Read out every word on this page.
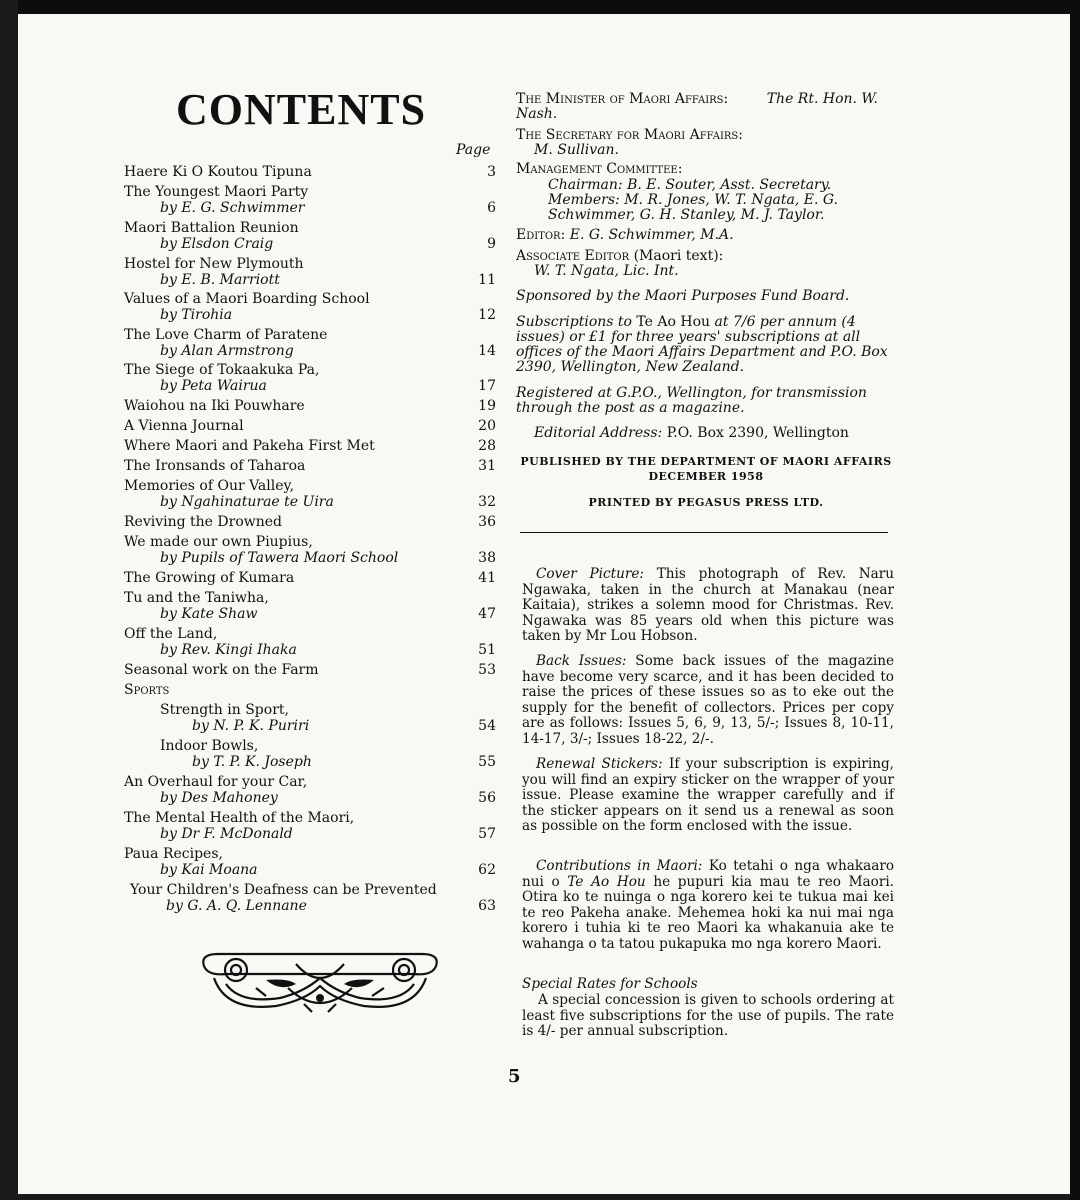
CONTENTS
Page
Haere Ki O Koutou Tipuna	3
The Youngest Maori Party
by E. G. Schwimmer	6
Maori Battalion Reunion
by Elsdon Craig	9
Hostel for New Plymouth
by E. B. Marriott	11
Values of a Maori Boarding School
by Tirohia	12
The Love Charm of Paratene
by Alan Armstrong	14
The Siege of Tokaakuka Pa,
by Peta Wairua	17
Waiohou na Iki Pouwhare	19
A Vienna Journal	20
Where Maori and Pakeha First Met	28
The Ironsands of Taharoa	31
Memories of Our Valley,
by Ngahinaturae te Uira	32
Reviving the Drowned	36
We made our own Piupius,
by Pupils of Tawera Maori School	38
The Growing of Kumara	41
Tu and the Taniwha,
by Kate Shaw	47
Off the Land,
by Rev. Kingi Ihaka	51
Seasonal work on the Farm	53
Sports
Strength in Sport,
by N. P. K. Puriri	54
Indoor Bowls,
by T. P. K. Joseph	55
An Overhaul for your Car,
by Des Mahoney	56
The Mental Health of the Maori,
by Dr F. McDonald	57
Paua Recipes,
by Kai Moana	62
Your Children's Deafness can be Prevented
by G. A. Q. Lennane	63
The Minister of Maori Affairs:	The Rt. Hon. W. Nash.
The Secretary for Maori Affairs:
M. Sullivan.
Management Committee:
Chairman: B. E. Souter, Asst. Secretary.
Members: M. R. Jones, W. T. Ngata, E. G. Schwimmer, G. H. Stanley, M. J. Taylor.
Editor: E. G. Schwimmer, M.A.
Associate Editor (Maori text):
W. T. Ngata, Lic. Int.
Sponsored by the Maori Purposes Fund Board.
Subscriptions to Te Ao Hou at 7/6 per annum (4 issues) or £1 for three years' subscriptions at all offices of the Maori Affairs Department and P.O. Box 2390, Wellington, New Zealand.
Registered at G.P.O., Wellington, for transmission through the post as a magazine.
Editorial Address: P.O. Box 2390, Wellington
PUBLISHED BY THE DEPARTMENT OF MAORI AFFAIRS
DECEMBER 1958
PRINTED BY PEGASUS PRESS LTD.
Cover Picture: This photograph of Rev. Naru Ngawaka, taken in the church at Manakau (near Kaitaia), strikes a solemn mood for Christmas. Rev. Ngawaka was 85 years old when this picture was taken by Mr Lou Hobson.
Back Issues: Some back issues of the magazine have become very scarce, and it has been decided to raise the prices of these issues so as to eke out the supply for the benefit of collectors. Prices per copy are as follows: Issues 5, 6, 9, 13, 5/-; Issues 8, 10-11, 14-17, 3/-; Issues 18-22, 2/-.
Renewal Stickers: If your subscription is expiring, you will find an expiry sticker on the wrapper of your issue. Please examine the wrapper carefully and if the sticker appears on it send us a renewal as soon as possible on the form enclosed with the issue.
Contributions in Maori: Ko tetahi o nga whakaaro nui o Te Ao Hou he pupuri kia mau te reo Maori. Otira ko te nuinga o nga korero kei te tukua mai kei te reo Pakeha anake. Mehemea hoki ka nui mai nga korero i tuhia ki te reo Maori ka whakanuia ake te wahanga o ta tatou pukapuka mo nga korero Maori.
Special Rates for Schools
A special concession is given to schools ordering at least five subscriptions for the use of pupils. The rate is 4/- per annual subscription.
5
